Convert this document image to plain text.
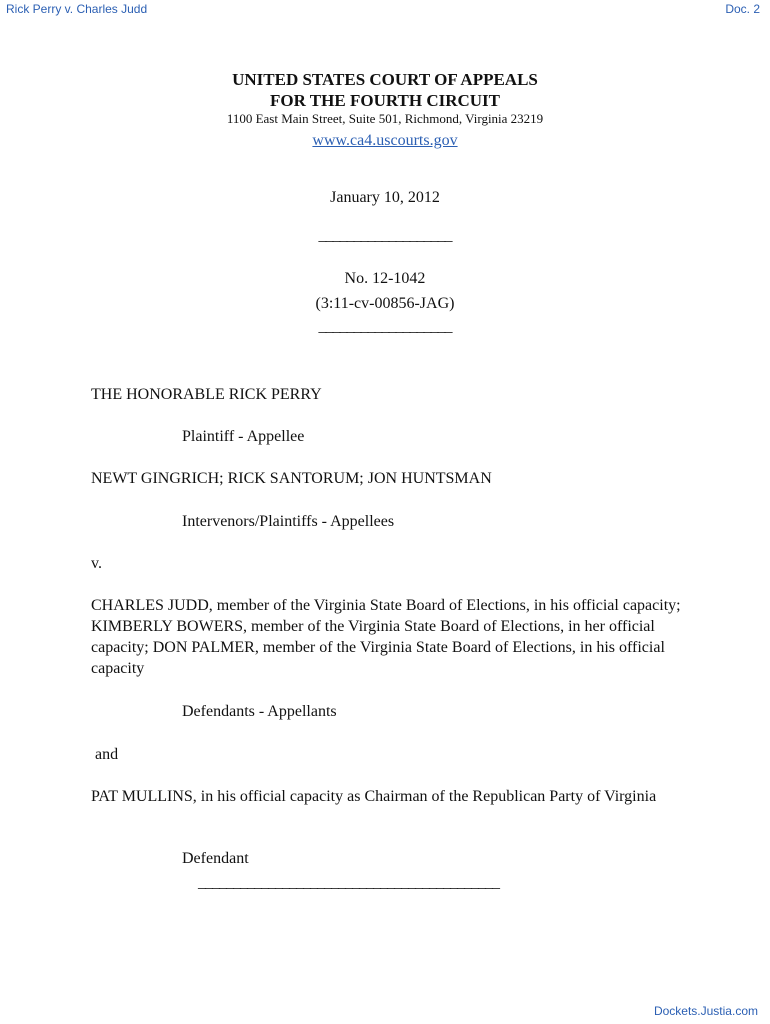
Rick Perry v. Charles Judd	Doc. 2
UNITED STATES COURT OF APPEALS
FOR THE FOURTH CIRCUIT
1100 East Main Street, Suite 501, Richmond, Virginia 23219
www.ca4.uscourts.gov
January 10, 2012
___________________
No. 12-1042
(3:11-cv-00856-JAG)
___________________
THE HONORABLE RICK PERRY
Plaintiff - Appellee
NEWT GINGRICH; RICK SANTORUM; JON HUNTSMAN
Intervenors/Plaintiffs - Appellees
v.
CHARLES JUDD, member of the Virginia State Board of Elections, in his official capacity; KIMBERLY BOWERS, member of the Virginia State Board of Elections, in her official capacity; DON PALMER, member of the Virginia State Board of Elections, in his official capacity
Defendants - Appellants
and
PAT MULLINS, in his official capacity as Chairman of the Republican Party of Virginia
Defendant
___________________________________________
Dockets.Justia.com
